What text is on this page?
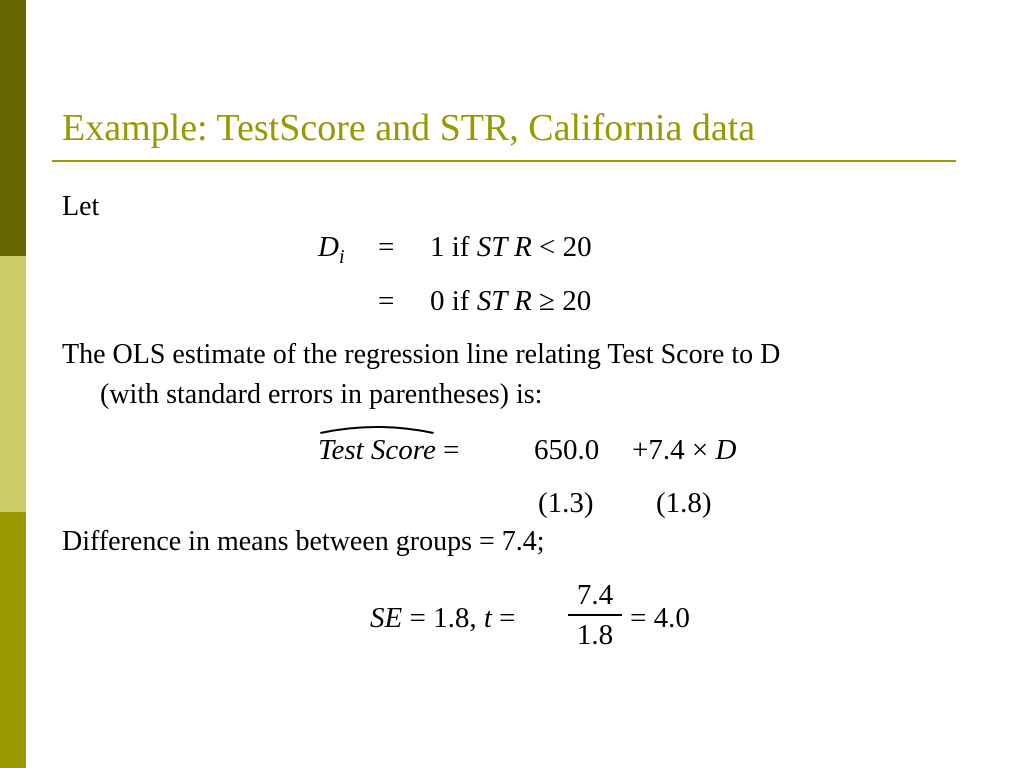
Example: TestScore and STR, California data
Let
$D_i = 1$ if ST R < 20
= 0 if ST R ≥ 20
The OLS estimate of the regression line relating Test Score to D
(with standard errors in parentheses) is:
Test Score =	650.0 +7.4 × D
(1.3) (1.8)
Difference in means between groups = 7.4;
SE = 1.8, t =
7.4
1.8
= 4.0
